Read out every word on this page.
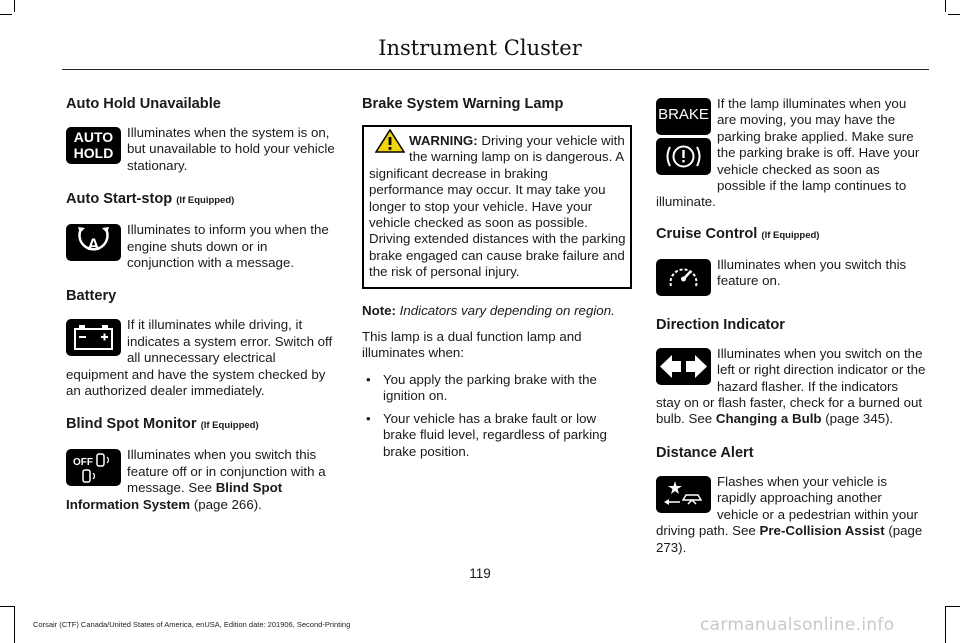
Instrument Cluster
Auto Hold Unavailable
AUTO
HOLD
Illuminates when the system is on, but unavailable to hold your vehicle stationary.
Auto Start-stop (If Equipped)
A
Illuminates to inform you when the engine shuts down or in conjunction with a message.
Battery
If it illuminates while driving, it indicates a system error. Switch off all unnecessary electrical equipment and have the system checked by an authorized dealer immediately.
Blind Spot Monitor (If Equipped)
OFF
Illuminates when you switch this feature off or in conjunction with a message. See Blind Spot Information System (page 266).
Brake System Warning Lamp
WARNING: Driving your vehicle with the warning lamp on is dangerous. A significant decrease in braking performance may occur. It may take you longer to stop your vehicle. Have your vehicle checked as soon as possible. Driving extended distances with the parking brake engaged can cause brake failure and the risk of personal injury.

Note: Indicators vary depending on region.

This lamp is a dual function lamp and illuminates when:

• You apply the parking brake with the ignition on.
• Your vehicle has a brake fault or low brake fluid level, regardless of parking brake position.
BRAKE
If the lamp illuminates when you are moving, you may have the parking brake applied. Make sure the parking brake is off. Have your vehicle checked as soon as possible if the lamp continues to illuminate.
Cruise Control (If Equipped)
Illuminates when you switch this feature on.
Direction Indicator
Illuminates when you switch on the left or right direction indicator or the hazard flasher. If the indicators stay on or flash faster, check for a burned out bulb. See Changing a Bulb (page 345).
Distance Alert
Flashes when your vehicle is rapidly approaching another vehicle or a pedestrian within your driving path. See Pre-Collision Assist (page 273).
119
Corsair (CTF) Canada/United States of America, enUSA, Edition date: 201906, Second-Printing	carmanualsonline.info
